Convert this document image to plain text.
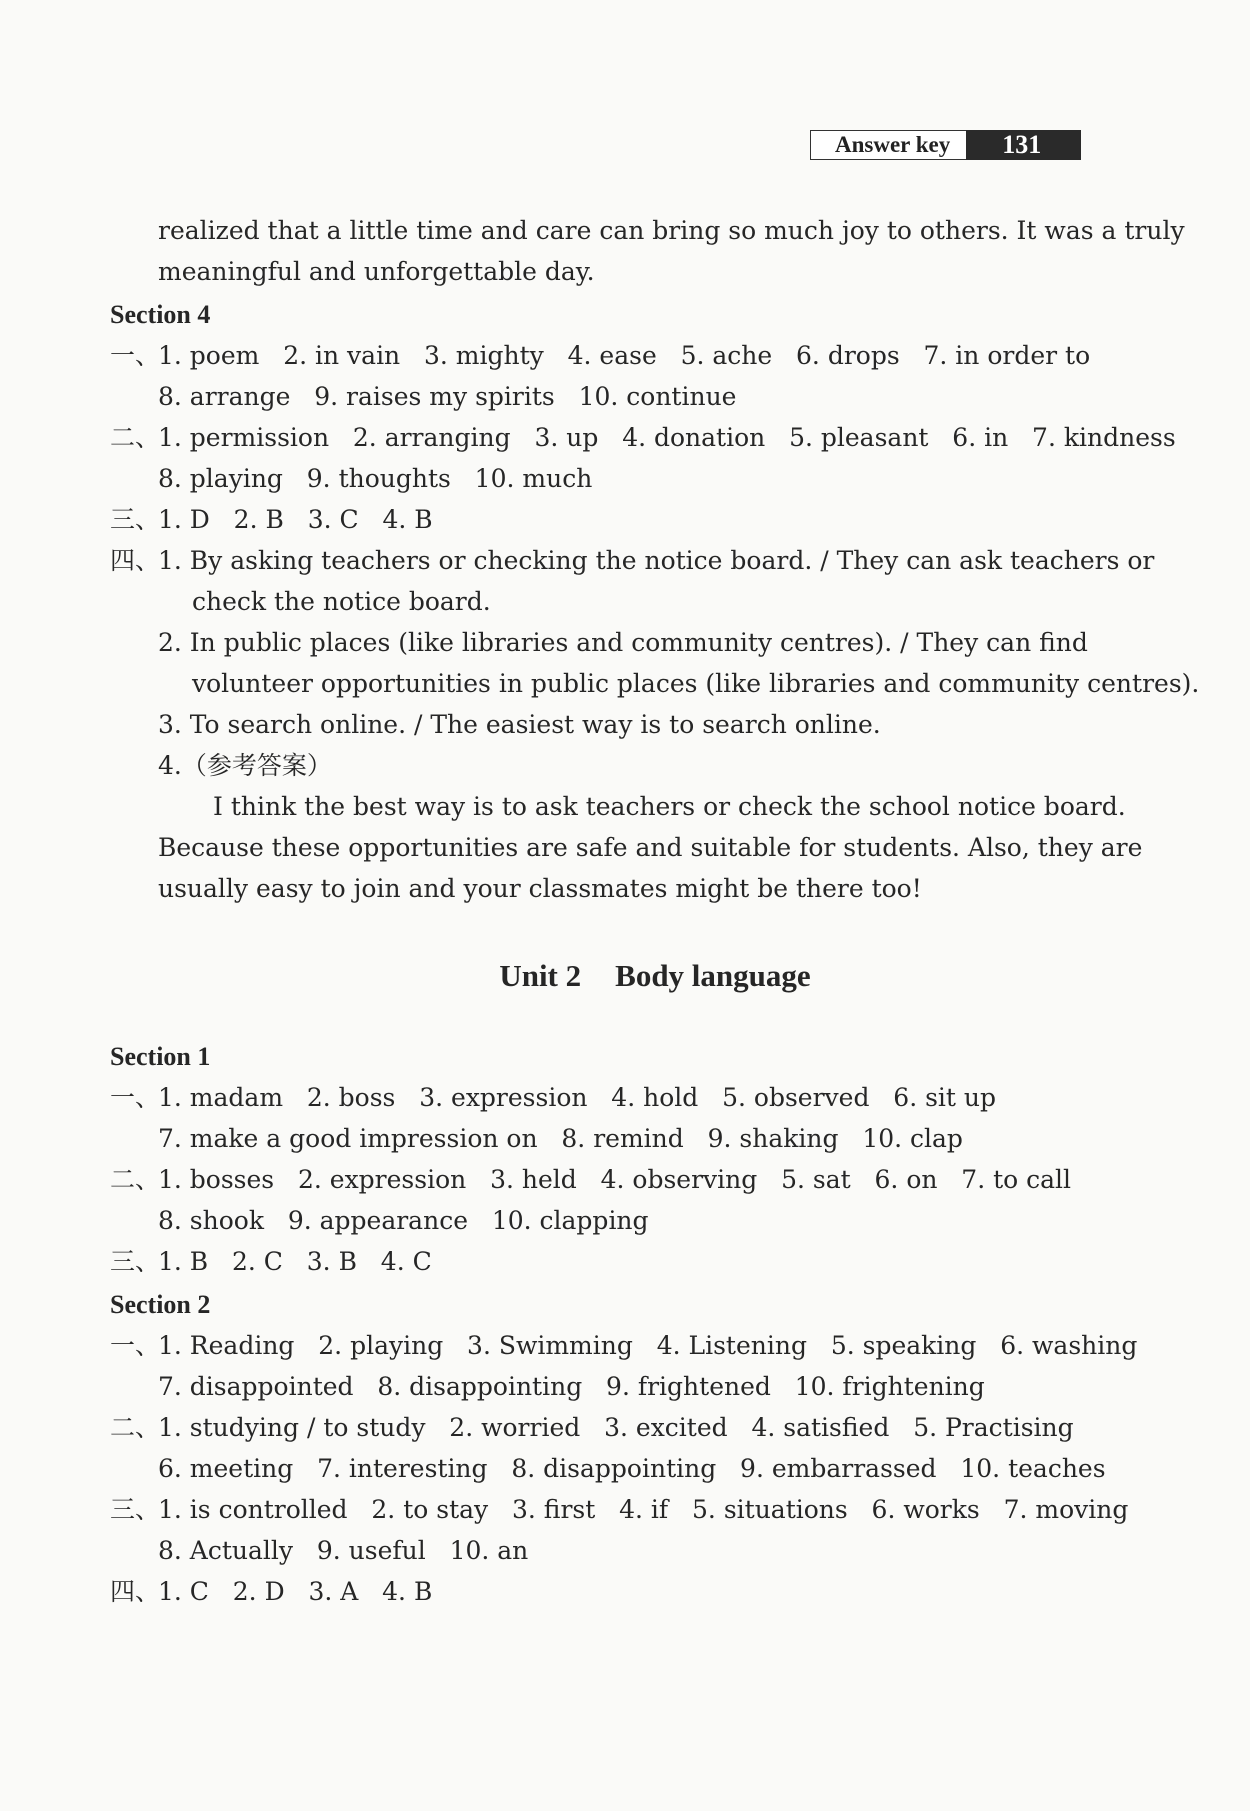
Answer key	131
realized that a little time and care can bring so much joy to others. It was a truly
meaningful and unforgettable day.
Section 4
一、
1. poem   2. in vain   3. mighty   4. ease   5. ache   6. drops   7. in order to
8. arrange   9. raises my spirits   10. continue
二、
1. permission   2. arranging   3. up   4. donation   5. pleasant   6. in   7. kindness
8. playing   9. thoughts   10. much
三、
1. D   2. B   3. C   4. B
四、
1. By asking teachers or checking the notice board. / They can ask teachers or
check the notice board.
2. In public places (like libraries and community centres). / They can find
volunteer opportunities in public places (like libraries and community centres).
3. To search online. / The easiest way is to search online.
4.（参考答案）
I think the best way is to ask teachers or check the school notice board.
Because these opportunities are safe and suitable for students. Also, they are
usually easy to join and your classmates might be there too!
Unit 2 Body language
Section 1
一、
1. madam   2. boss   3. expression   4. hold   5. observed   6. sit up
7. make a good impression on   8. remind   9. shaking   10. clap
二、
1. bosses   2. expression   3. held   4. observing   5. sat   6. on   7. to call
8. shook   9. appearance   10. clapping
三、
1. B   2. C   3. B   4. C
Section 2
一、
1. Reading   2. playing   3. Swimming   4. Listening   5. speaking   6. washing
7. disappointed   8. disappointing   9. frightened   10. frightening
二、
1. studying / to study   2. worried   3. excited   4. satisfied   5. Practising
6. meeting   7. interesting   8. disappointing   9. embarrassed   10. teaches
三、
1. is controlled   2. to stay   3. first   4. if   5. situations   6. works   7. moving
8. Actually   9. useful   10. an
四、
1. C   2. D   3. A   4. B
